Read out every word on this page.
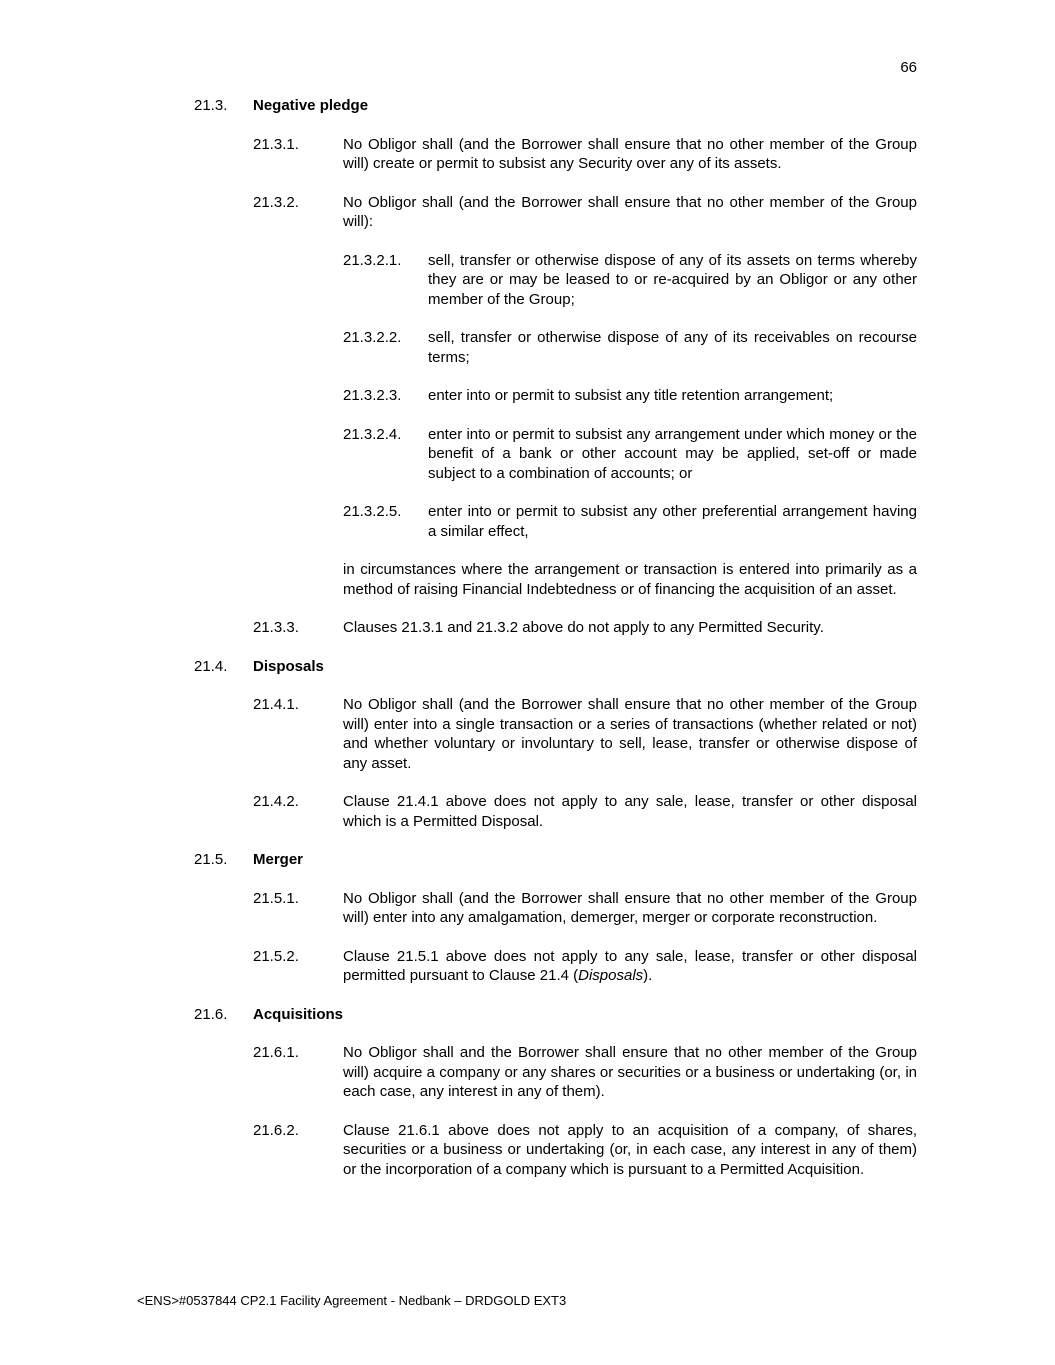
66
21.3.	Negative pledge
21.3.1.	No Obligor shall (and the Borrower shall ensure that no other member of the Group will) create or permit to subsist any Security over any of its assets.
21.3.2.	No Obligor shall (and the Borrower shall ensure that no other member of the Group will):
21.3.2.1.	sell, transfer or otherwise dispose of any of its assets on terms whereby they are or may be leased to or re-acquired by an Obligor or any other member of the Group;
21.3.2.2.	sell, transfer or otherwise dispose of any of its receivables on recourse terms;
21.3.2.3.	enter into or permit to subsist any title retention arrangement;
21.3.2.4.	enter into or permit to subsist any arrangement under which money or the benefit of a bank or other account may be applied, set-off or made subject to a combination of accounts; or
21.3.2.5.	enter into or permit to subsist any other preferential arrangement having a similar effect,
in circumstances where the arrangement or transaction is entered into primarily as a method of raising Financial Indebtedness or of financing the acquisition of an asset.
21.3.3.	Clauses 21.3.1 and 21.3.2 above do not apply to any Permitted Security.
21.4.	Disposals
21.4.1.	No Obligor shall (and the Borrower shall ensure that no other member of the Group will) enter into a single transaction or a series of transactions (whether related or not) and whether voluntary or involuntary to sell, lease, transfer or otherwise dispose of any asset.
21.4.2.	Clause 21.4.1 above does not apply to any sale, lease, transfer or other disposal which is a Permitted Disposal.
21.5.	Merger
21.5.1.	No Obligor shall (and the Borrower shall ensure that no other member of the Group will) enter into any amalgamation, demerger, merger or corporate reconstruction.
21.5.2.	Clause 21.5.1 above does not apply to any sale, lease, transfer or other disposal permitted pursuant to Clause 21.4 (Disposals).
21.6.	Acquisitions
21.6.1.	No Obligor shall and the Borrower shall ensure that no other member of the Group will) acquire a company or any shares or securities or a business or undertaking (or, in each case, any interest in any of them).
21.6.2.	Clause 21.6.1 above does not apply to an acquisition of a company, of shares, securities or a business or undertaking (or, in each case, any interest in any of them) or the incorporation of a company which is pursuant to a Permitted Acquisition.
<ENS>#0537844 CP2.1 Facility Agreement - Nedbank – DRDGOLD EXT3
